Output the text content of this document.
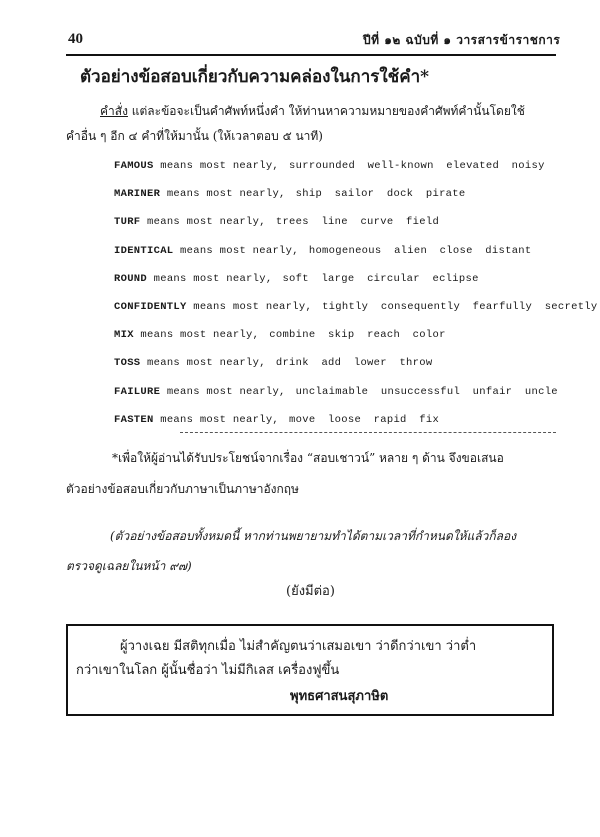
40	ปีที่ ๑๒ ฉบับที่ ๑ วารสารข้าราชการ
ตัวอย่างข้อสอบเกี่ยวกับความคล่องในการใช้คำ*
คำสั่ง แต่ละข้อจะเป็นคำศัพท์หนึ่งคำ ให้ท่านหาความหมายของคำศัพท์คำนั้นโดยใช้
คำอื่น ๆ อีก ๔ คำที่ให้มานั้น (ให้เวลาตอบ ๕ นาที)
FAMOUS means most nearly, surrounded well-known elevated noisy
MARINER means most nearly, ship sailor dock pirate
TURF means most nearly, trees line curve field
IDENTICAL means most nearly, homogeneous alien close distant
ROUND means most nearly, soft large circular eclipse
CONFIDENTLY means most nearly, tightly consequently fearfully secretly
MIX means most nearly, combine skip reach color
TOSS means most nearly, drink add lower throw
FAILURE means most nearly, unclaimable unsuccessful unfair uncle
FASTEN means most nearly, move loose rapid fix
*เพื่อให้ผู้อ่านได้รับประโยชน์จากเรื่อง “สอบเชาวน์” หลาย ๆ ด้าน จึงขอเสนอ
ตัวอย่างข้อสอบเกี่ยวกับภาษาเป็นภาษาอังกฤษ
(ตัวอย่างข้อสอบทั้งหมดนี้ หากท่านพยายามทำได้ตามเวลาที่กำหนดให้แล้วก็ลอง
ตรวจดูเฉลยในหน้า ๙๗)
(ยังมีต่อ)
ผู้วางเฉย มีสติทุกเมื่อ ไม่สำคัญตนว่าเสมอเขา ว่าดีกว่าเขา ว่าต่ำ
กว่าเขาในโลก ผู้นั้นชื่อว่า ไม่มีกิเลส เครื่องฟูขึ้น
พุทธศาสนสุภาษิต
